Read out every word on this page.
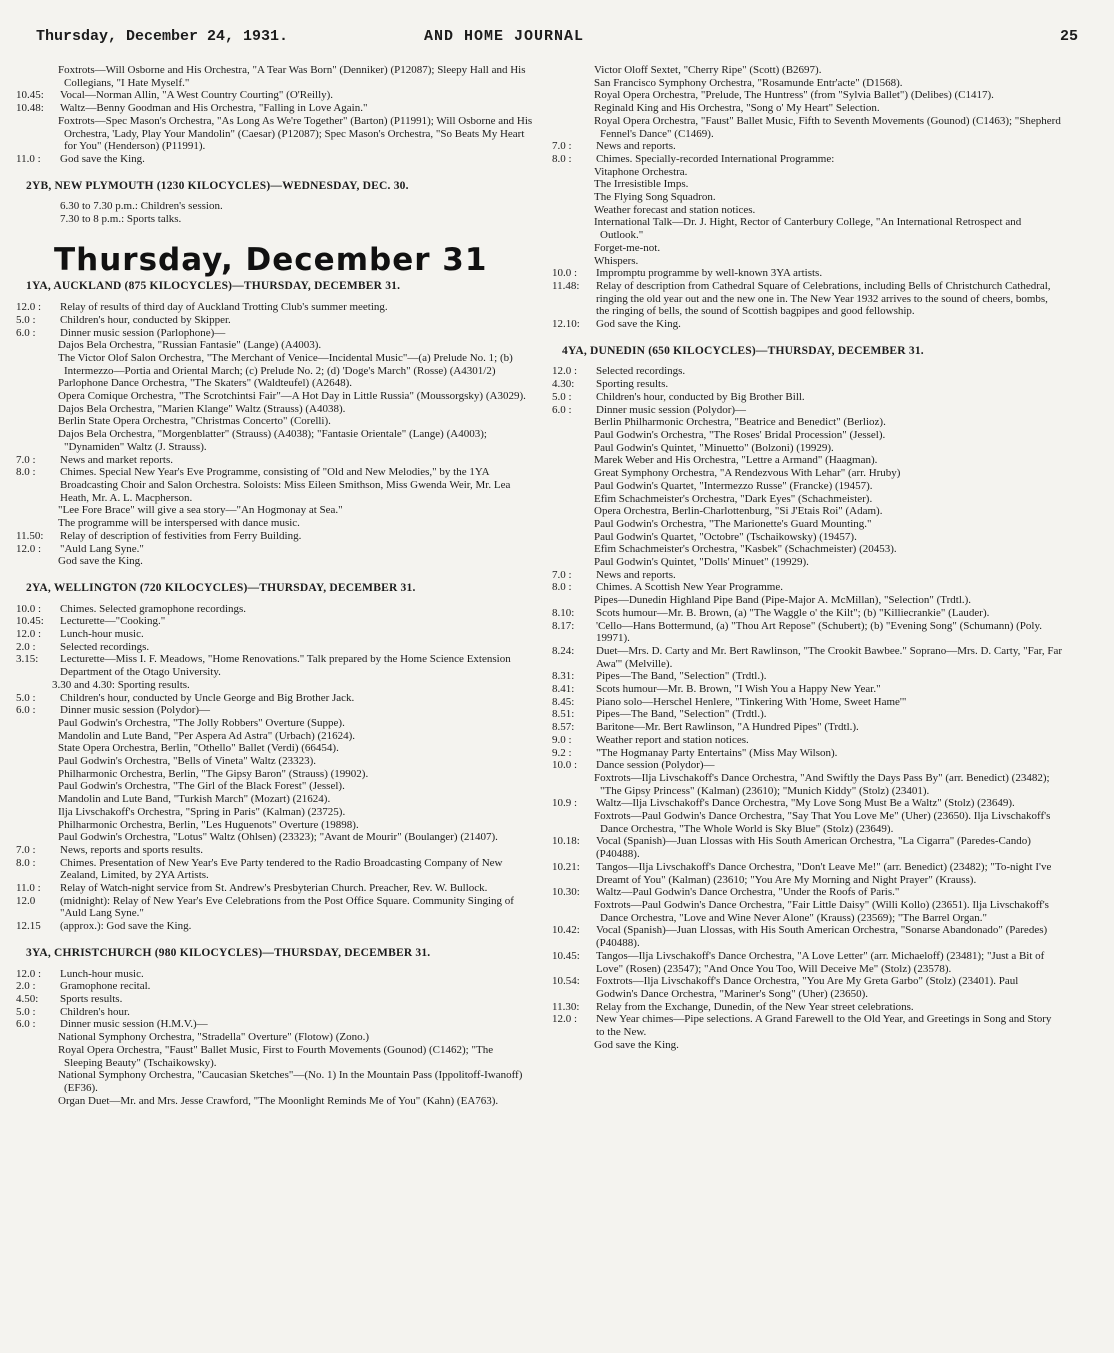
Thursday, December 24, 1931.	AND HOME JOURNAL	25
Foxtrots—Will Osborne and His Orchestra, "A Tear Was Born" (Denniker) (P12087); Sleepy Hall and His Collegians, "I Hate Myself."
10.45:	Vocal—Norman Allin, "A West Country Courting" (O'Reilly).
10.48:	Waltz—Benny Goodman and His Orchestra, "Falling in Love Again."
Foxtrots—Spec Mason's Orchestra, "As Long As We're Together" (Barton) (P11991); Will Osborne and His Orchestra, 'Lady, Play Your Mandolin" (Caesar) (P12087); Spec Mason's Orchestra, "So Beats My Heart for You" (Henderson) (P11991).
11.0 :	God save the King.
2YB, NEW PLYMOUTH (1230 KILOCYCLES)—WEDNESDAY, DEC. 30.
6.30 to 7.30 p.m.: Children's session.
7.30 to 8 p.m.: Sports talks.
Thursday, December 31
1YA, AUCKLAND (875 KILOCYCLES)—THURSDAY, DECEMBER 31.
12.0 :	Relay of results of third day of Auckland Trotting Club's summer meeting.
5.0 :	Children's hour, conducted by Skipper.
6.0 :	Dinner music session (Parlophone)—
Dajos Bela Orchestra, "Russian Fantasie" (Lange) (A4003).
The Victor Olof Salon Orchestra, "The Merchant of Venice—Incidental Music"—(a) Prelude No. 1; (b) Intermezzo—Portia and Oriental March; (c) Prelude No. 2; (d) 'Doge's March" (Rosse) (A4301/2)
Parlophone Dance Orchestra, "The Skaters" (Waldteufel) (A2648).
Opera Comique Orchestra, "The Scrotchintsi Fair"—A Hot Day in Little Russia" (Moussorgsky) (A3029).
Dajos Bela Orchestra, "Marien Klange" Waltz (Strauss) (A4038).
Berlin State Opera Orchestra, "Christmas Concerto" (Corelli).
Dajos Bela Orchestra, "Morgenblatter" (Strauss) (A4038); "Fantasie Orientale" (Lange) (A4003); "Dynamiden" Waltz (J. Strauss).
7.0 :	News and market reports.
8.0 :	Chimes. Special New Year's Eve Programme, consisting of "Old and New Melodies," by the 1YA Broadcasting Choir and Salon Orchestra. Soloists: Miss Eileen Smithson, Miss Gwenda Weir, Mr. Lea Heath, Mr. A. L. Macpherson.
"Lee Fore Brace" will give a sea story—"An Hogmonay at Sea."
The programme will be interspersed with dance music.
11.50:	Relay of description of festivities from Ferry Building.
12.0 :	"Auld Lang Syne."
God save the King.
2YA, WELLINGTON (720 KILOCYCLES)—THURSDAY, DECEMBER 31.
10.0 :	Chimes. Selected gramophone recordings.
10.45:	Lecturette—"Cooking."
12.0 :	Lunch-hour music.
2.0 :	Selected recordings.
3.15:	Lecturette—Miss I. F. Meadows, "Home Renovations." Talk prepared by the Home Science Extension Department of the Otago University.
3.30 and 4.30: Sporting results.
5.0 :	Children's hour, conducted by Uncle George and Big Brother Jack.
6.0 :	Dinner music session (Polydor)—
Paul Godwin's Orchestra, "The Jolly Robbers" Overture (Suppe).
Mandolin and Lute Band, "Per Aspera Ad Astra" (Urbach) (21624).
State Opera Orchestra, Berlin, "Othello" Ballet (Verdi) (66454).
Paul Godwin's Orchestra, "Bells of Vineta" Waltz (23323).
Philharmonic Orchestra, Berlin, "The Gipsy Baron" (Strauss) (19902).
Paul Godwin's Orchestra, "The Girl of the Black Forest" (Jessel).
Mandolin and Lute Band, "Turkish March" (Mozart) (21624).
Ilja Livschakoff's Orchestra, "Spring in Paris" (Kalman) (23725).
Philharmonic Orchestra, Berlin, "Les Huguenots" Overture (19898).
Paul Godwin's Orchestra, "Lotus" Waltz (Ohlsen) (23323); "Avant de Mourir" (Boulanger) (21407).
7.0 :	News, reports and sports results.
8.0 :	Chimes. Presentation of New Year's Eve Party tendered to the Radio Broadcasting Company of New Zealand, Limited, by 2YA Artists.
11.0 :	Relay of Watch-night service from St. Andrew's Presbyterian Church. Preacher, Rev. W. Bullock.
12.0	(midnight): Relay of New Year's Eve Celebrations from the Post Office Square. Community Singing of "Auld Lang Syne."
12.15	(approx.): God save the King.
3YA, CHRISTCHURCH (980 KILOCYCLES)—THURSDAY, DECEMBER 31.
12.0 :	Lunch-hour music.
2.0 :	Gramophone recital.
4.50:	Sports results.
5.0 :	Children's hour.
6.0 :	Dinner music session (H.M.V.)—
National Symphony Orchestra, "Stradella" Overture" (Flotow) (Zono.)
Royal Opera Orchestra, "Faust" Ballet Music, First to Fourth Movements (Gounod) (C1462); "The Sleeping Beauty" (Tschaikowsky).
National Symphony Orchestra, "Caucasian Sketches"—(No. 1) In the Mountain Pass (Ippolitoff-Iwanoff) (EF36).
Organ Duet—Mr. and Mrs. Jesse Crawford, "The Moonlight Reminds Me of You" (Kahn) (EA763).
Victor Oloff Sextet, "Cherry Ripe" (Scott) (B2697).
San Francisco Symphony Orchestra, "Rosamunde Entr'acte" (D1568).
Royal Opera Orchestra, "Prelude, The Huntress" (from "Sylvia Ballet") (Delibes) (C1417).
Reginald King and His Orchestra, "Song o' My Heart" Selection.
Royal Opera Orchestra, "Faust" Ballet Music, Fifth to Seventh Movements (Gounod) (C1463); "Shepherd Fennel's Dance" (C1469).
7.0 :	News and reports.
8.0 :	Chimes. Specially-recorded International Programme:
Vitaphone Orchestra.
The Irresistible Imps.
The Flying Song Squadron.
Weather forecast and station notices.
International Talk—Dr. J. Hight, Rector of Canterbury College, "An International Retrospect and Outlook."
Forget-me-not.
Whispers.
10.0 :	Impromptu programme by well-known 3YA artists.
11.48:	Relay of description from Cathedral Square of Celebrations, including Bells of Christchurch Cathedral, ringing the old year out and the new one in. The New Year 1932 arrives to the sound of cheers, bombs, the ringing of bells, the sound of Scottish bagpipes and good fellowship.
12.10:	God save the King.
4YA, DUNEDIN (650 KILOCYCLES)—THURSDAY, DECEMBER 31.
12.0 :	Selected recordings.
4.30:	Sporting results.
5.0 :	Children's hour, conducted by Big Brother Bill.
6.0 :	Dinner music session (Polydor)—
Berlin Philharmonic Orchestra, "Beatrice and Benedict" (Berlioz).
Paul Godwin's Orchestra, "The Roses' Bridal Procession" (Jessel).
Paul Godwin's Quintet, "Minuetto" (Bolzoni) (19929).
Marek Weber and His Orchestra, "Lettre a Armand" (Haagman).
Great Symphony Orchestra, "A Rendezvous With Lehar" (arr. Hruby)
Paul Godwin's Quartet, "Intermezzo Russe" (Francke) (19457).
Efim Schachmeister's Orchestra, "Dark Eyes" (Schachmeister).
Opera Orchestra, Berlin-Charlottenburg, "Si J'Etais Roi" (Adam).
Paul Godwin's Orchestra, "The Marionette's Guard Mounting."
Paul Godwin's Quartet, "Octobre" (Tschaikowsky) (19457).
Efim Schachmeister's Orchestra, "Kasbek" (Schachmeister) (20453).
Paul Godwin's Quintet, "Dolls' Minuet" (19929).
7.0 :	News and reports.
8.0 :	Chimes. A Scottish New Year Programme.
Pipes—Dunedin Highland Pipe Band (Pipe-Major A. McMillan), "Selection" (Trdtl.).
8.10:	Scots humour—Mr. B. Brown, (a) "The Waggle o' the Kilt"; (b) "Killiecrankie" (Lauder).
8.17:	'Cello—Hans Bottermund, (a) "Thou Art Repose" (Schubert); (b) "Evening Song" (Schumann) (Poly. 19971).
8.24:	Duet—Mrs. D. Carty and Mr. Bert Rawlinson, "The Crookit Bawbee." Soprano—Mrs. D. Carty, "Far, Far Awa'" (Melville).
8.31:	Pipes—The Band, "Selection" (Trdtl.).
8.41:	Scots humour—Mr. B. Brown, "I Wish You a Happy New Year."
8.45:	Piano solo—Herschel Henlere, "Tinkering With 'Home, Sweet Hame'"
8.51:	Pipes—The Band, "Selection" (Trdtl.).
8.57:	Baritone—Mr. Bert Rawlinson, "A Hundred Pipes" (Trdtl.).
9.0 :	Weather report and station notices.
9.2 :	"The Hogmanay Party Entertains" (Miss May Wilson).
10.0 :	Dance session (Polydor)—
Foxtrots—Ilja Livschakoff's Dance Orchestra, "And Swiftly the Days Pass By" (arr. Benedict) (23482); "The Gipsy Princess" (Kalman) (23610); "Munich Kiddy" (Stolz) (23401).
10.9 :	Waltz—Ilja Livschakoff's Dance Orchestra, "My Love Song Must Be a Waltz" (Stolz) (23649).
Foxtrots—Paul Godwin's Dance Orchestra, "Say That You Love Me" (Uher) (23650). Ilja Livschakoff's Dance Orchestra, "The Whole World is Sky Blue" (Stolz) (23649).
10.18:	Vocal (Spanish)—Juan Llossas with His South American Orchestra, "La Cigarra" (Paredes-Cando) (P40488).
10.21:	Tangos—Ilja Livschakoff's Dance Orchestra, "Don't Leave Me!" (arr. Benedict) (23482); "To-night I've Dreamt of You" (Kalman) (23610; "You Are My Morning and Night Prayer" (Krauss).
10.30:	Waltz—Paul Godwin's Dance Orchestra, "Under the Roofs of Paris."
Foxtrots—Paul Godwin's Dance Orchestra, "Fair Little Daisy" (Willi Kollo) (23651). Ilja Livschakoff's Dance Orchestra, "Love and Wine Never Alone" (Krauss) (23569); "The Barrel Organ."
10.42:	Vocal (Spanish)—Juan Llossas, with His South American Orchestra, "Sonarse Abandonado" (Paredes) (P40488).
10.45:	Tangos—Ilja Livschakoff's Dance Orchestra, "A Love Letter" (arr. Michaeloff) (23481); "Just a Bit of Love" (Rosen) (23547); "And Once You Too, Will Deceive Me" (Stolz) (23578).
10.54:	Foxtrots—Ilja Livschakoff's Dance Orchestra, "You Are My Greta Garbo" (Stolz) (23401). Paul Godwin's Dance Orchestra, "Mariner's Song" (Uher) (23650).
11.30:	Relay from the Exchange, Dunedin, of the New Year street celebrations.
12.0 :	New Year chimes—Pipe selections. A Grand Farewell to the Old Year, and Greetings in Song and Story to the New.
God save the King.
